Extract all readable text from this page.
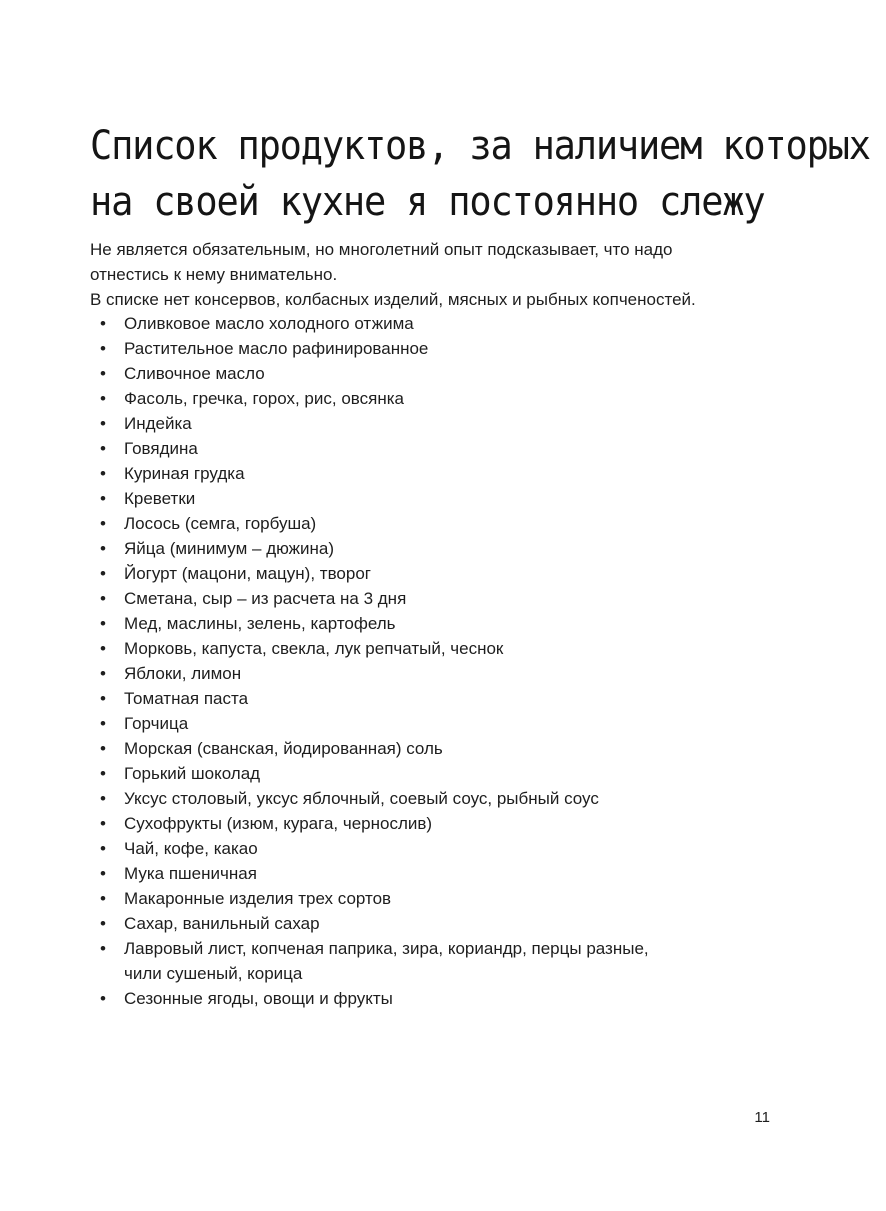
Список продуктов, за наличием которых
на своей кухне я постоянно слежу

Не является обязательным, но многолетний опыт подсказывает, что надо

отнестись к нему внимательно.

В списке нет консервов, колбасных изделий, мясных и рыбных копченостей.

• Оливковое масло холодного отжима
• Растительное масло рафинированное
• Сливочное масло
• Фасоль, гречка, горох, рис, овсянка
• Индейка
• Говядина
• Куриная грудка
• Креветки
• Лосось (семга, горбуша)
• Яйца (минимум – дюжина)
• Йогурт (мацони, мацун), творог
• Сметана, сыр – из расчета на 3 дня
• Мед, маслины, зелень, картофель
• Морковь, капуста, свекла, лук репчатый, чеснок
• Яблоки, лимон
• Томатная паста
• Горчица
• Морская (сванская, йодированная) соль
• Горький шоколад
• Уксус столовый, уксус яблочный, соевый соус, рыбный соус
• Сухофрукты (изюм, курага, чернослив)
• Чай, кофе, какао
• Мука пшеничная
• Макаронные изделия трех сортов
• Сахар, ванильный сахар
• Лавровый лист, копченая паприка, зира, кориандр, перцы разные,
чили сушеный, корица
• Сезонные ягоды, овощи и фрукты
11
